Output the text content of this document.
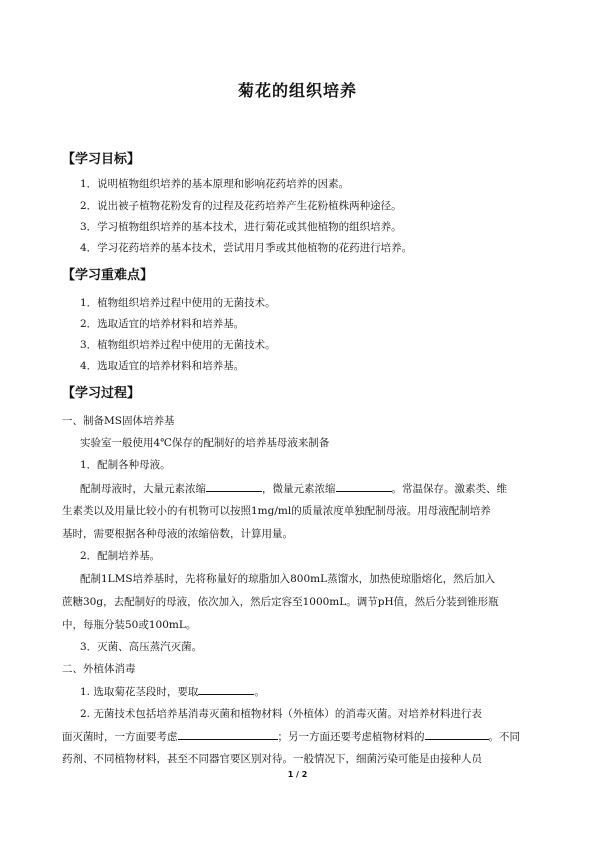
菊花的组织培养
【学习目标】
1．说明植物组织培养的基本原理和影响花药培养的因素。
2．说出被子植物花粉发育的过程及花药培养产生花粉植株两种途径。
3．学习植物组织培养的基本技术，进行菊花或其他植物的组织培养。
4．学习花药培养的基本技术，尝试用月季或其他植物的花药进行培养。
【学习重难点】
1．植物组织培养过程中使用的无菌技术。
2．选取适宜的培养材料和培养基。
3．植物组织培养过程中使用的无菌技术。
4．选取适宜的培养材料和培养基。
【学习过程】
一、制备MS固体培养基
实验室一般使用4℃保存的配制好的培养基母液来制备
1．配制各种母液。
配制母液时，大量元素浓缩	，微量元素浓缩	。常温保存。激素类、维
生素类以及用量比较小的有机物可以按照1mg/ml的质量浓度单独配制母液。用母液配制培养
基时，需要根据各种母液的浓缩倍数，计算用量。
2．配制培养基。
配制1LMS培养基时，先将称量好的琼脂加入800mL蒸馏水，加热使琼脂熔化，然后加入
蔗糖30g，去配制好的母液，依次加入，然后定容至1000mL。调节pH值，然后分装到锥形瓶
中，每瓶分装50或100mL。
3．灭菌、高压蒸汽灭菌。
二、外植体消毒
1. 选取菊花茎段时，要取	。
2. 无菌技术包括培养基消毒灭菌和植物材料（外植体）的消毒灭菌。对培养材料进行表
面灭菌时，一方面要考虑	；另一方面还要考虑植物材料的	。不同
药剂、不同植物材料，甚至不同器官要区别对待。一般情况下，细菌污染可能是由接种人员
1 / 2
